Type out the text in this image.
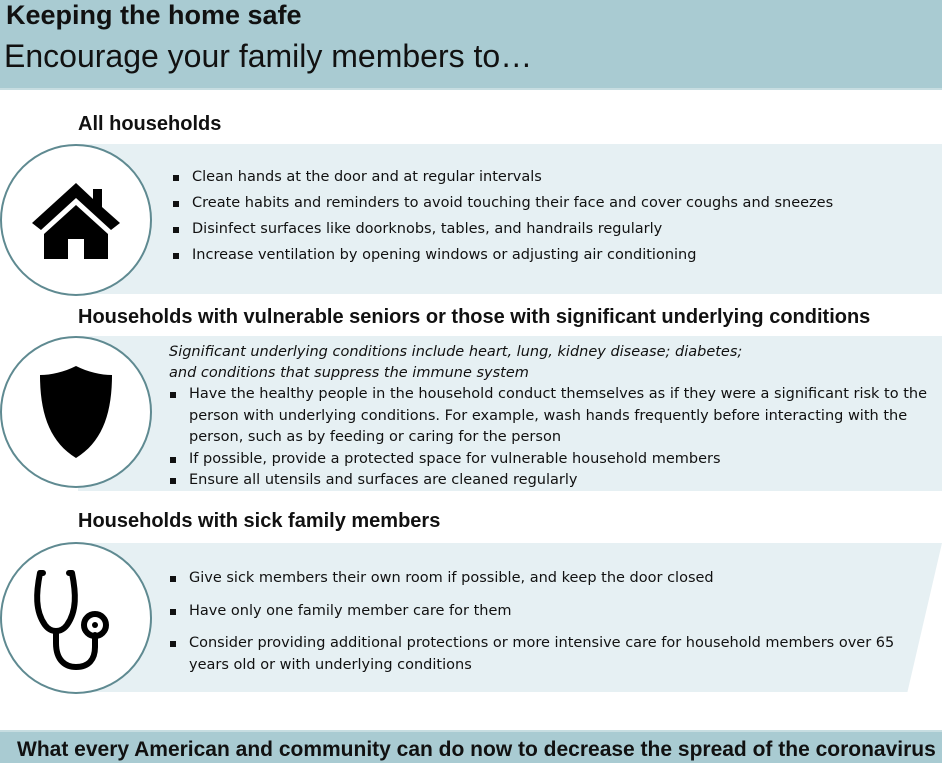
Keeping the home safe
Encourage your family members to…
All households
Clean hands at the door and at regular intervals
Create habits and reminders to avoid touching their face and cover coughs and sneezes
Disinfect surfaces like doorknobs, tables, and handrails regularly
Increase ventilation by opening windows or adjusting air conditioning
Households with vulnerable seniors or those with significant underlying conditions
Significant underlying conditions include heart, lung, kidney disease; diabetes;
and conditions that suppress the immune system
Have the healthy people in the household conduct themselves as if they were a significant risk to the person with underlying conditions. For example, wash hands frequently before interacting with the person, such as by feeding or caring for the person
If possible, provide a protected space for vulnerable household members
Ensure all utensils and surfaces are cleaned regularly
Households with sick family members
Give sick members their own room if possible, and keep the door closed
Have only one family member care for them
Consider providing additional protections or more intensive care for household members over 65 years old or with underlying conditions
What every American and community can do now to decrease the spread of the coronavirus
